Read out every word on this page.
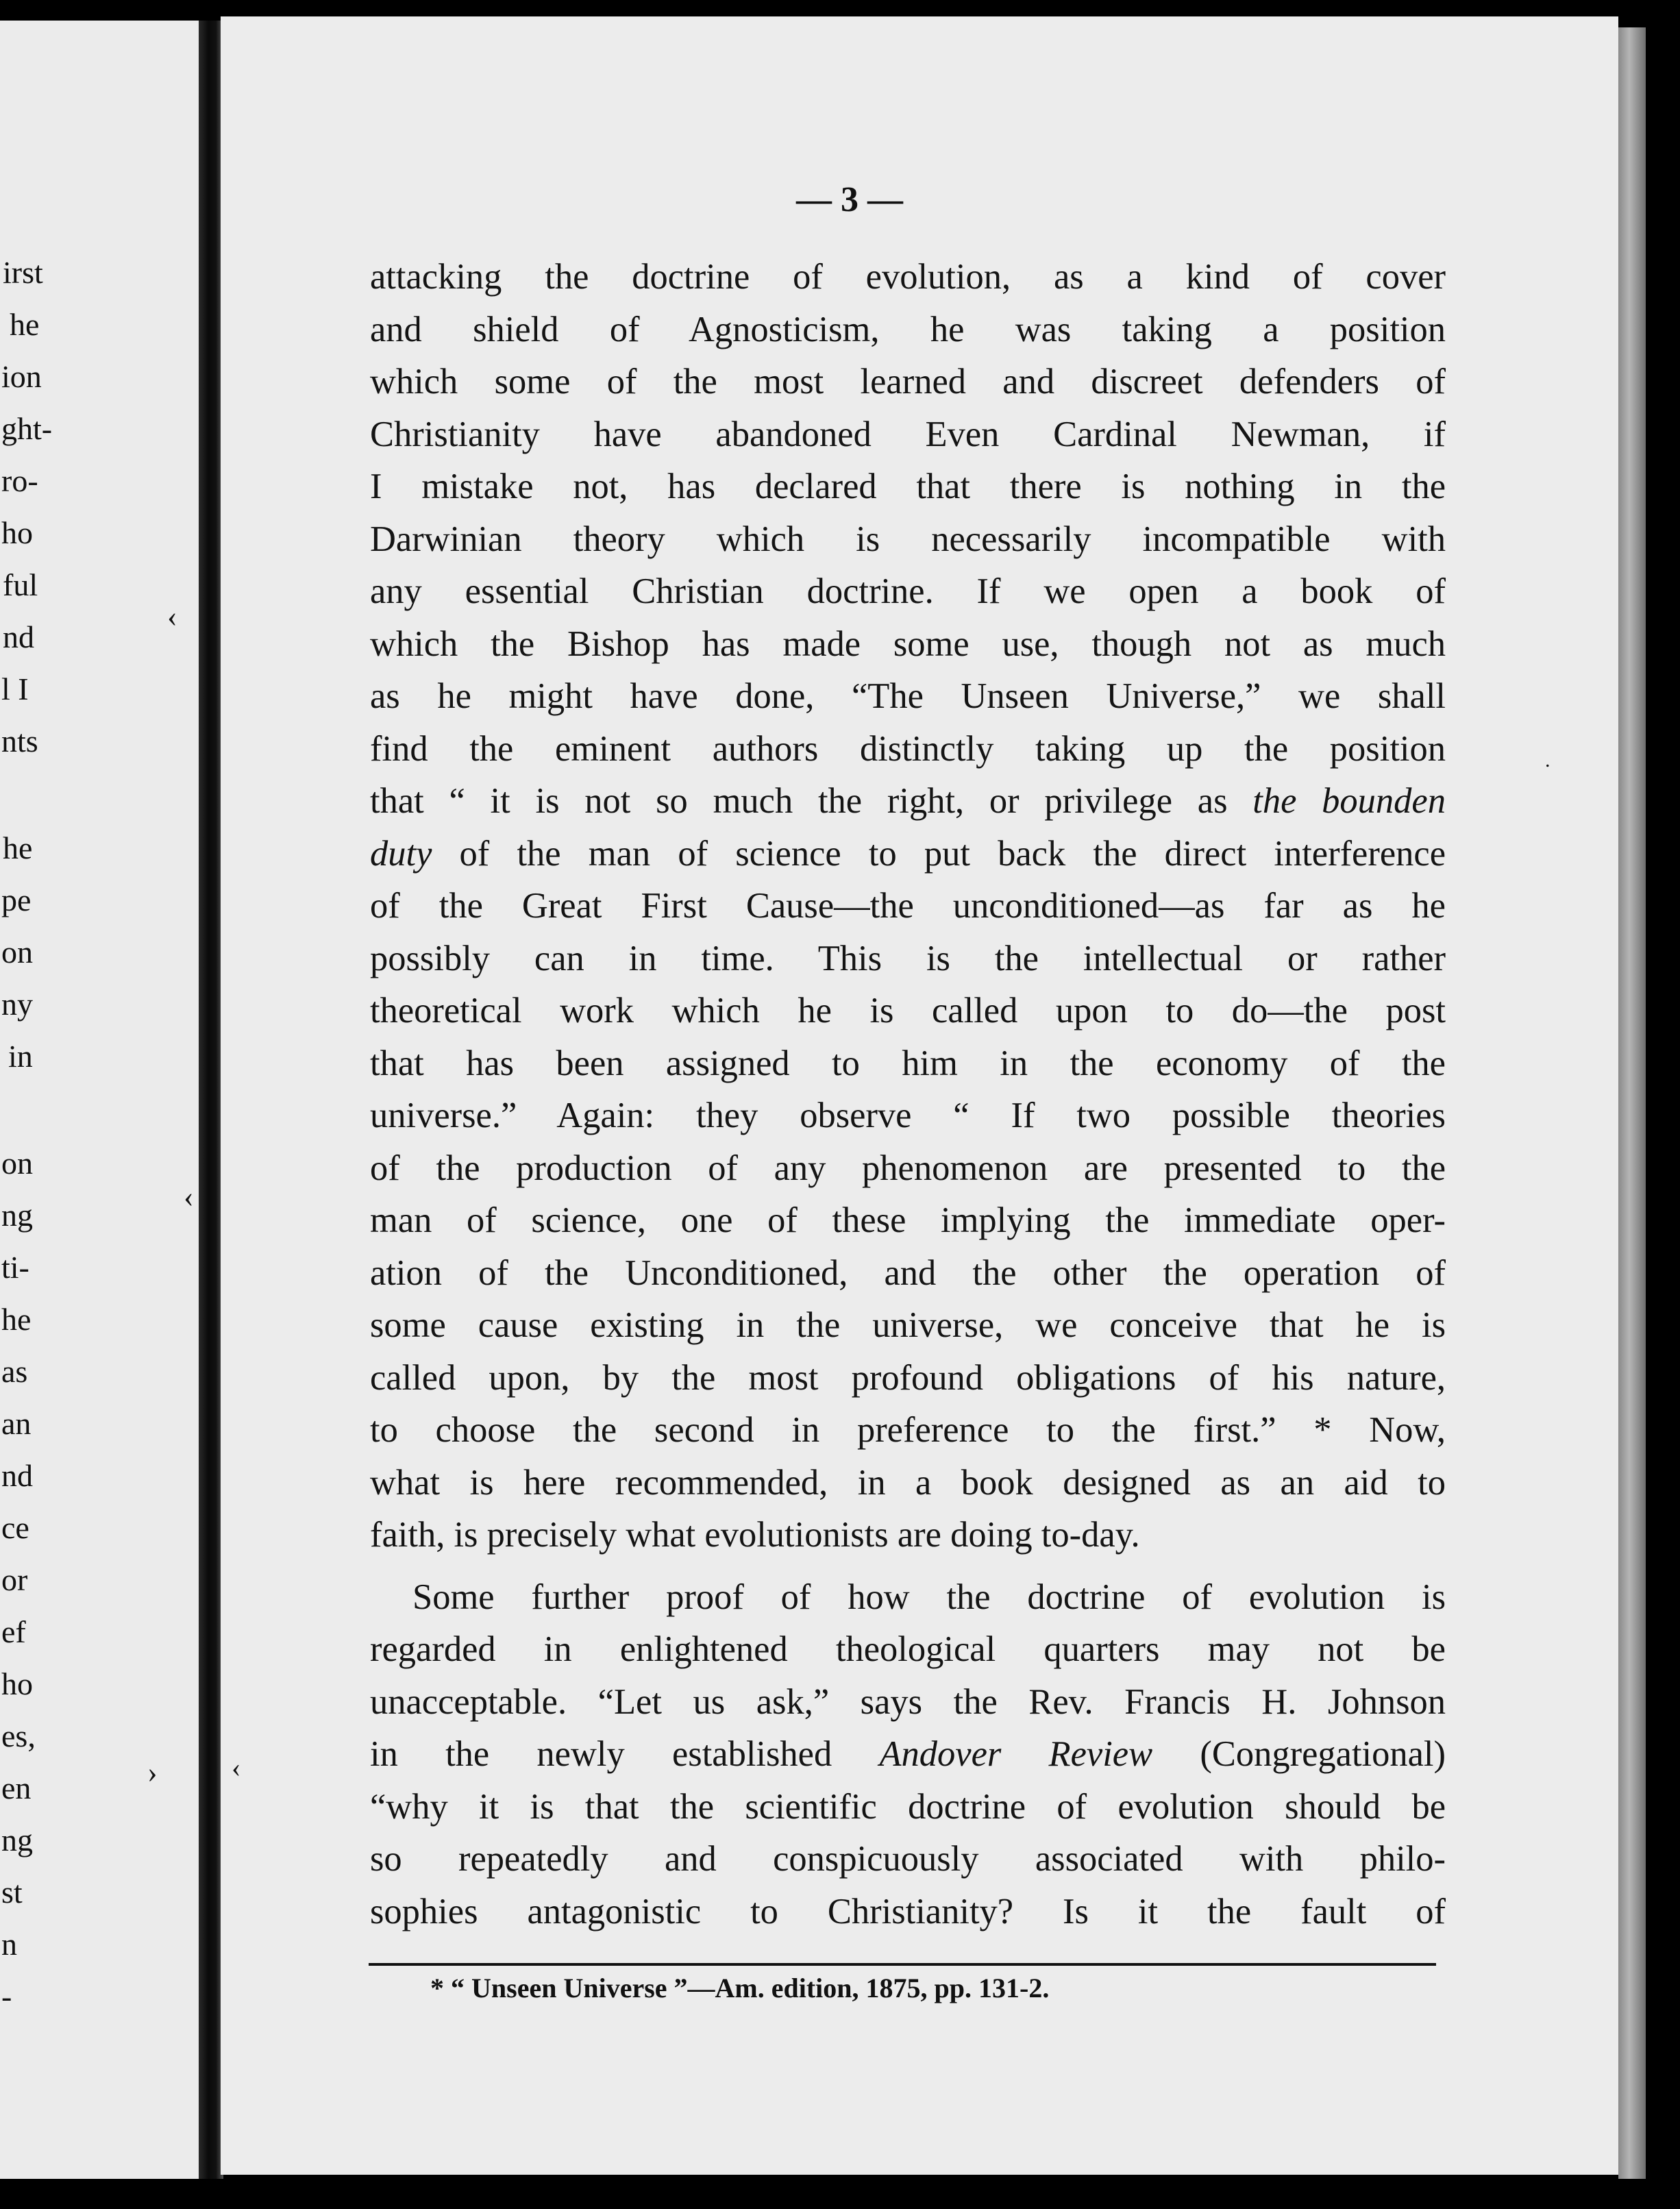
irst
he
ion
ght-
ro-
ho
ful
nd
l I
nts
he
pe
on
ny
in
on
ng
ti-
he
as
an
nd
ce
or
ef
ho
es,
en
ng
st
n
-
‹
‹
›	‹
.
— 3 —

attacking the doctrine of evolution, as a kind of cover
and shield of Agnosticism, he was taking a position
which some of the most learned and discreet defenders of
Christianity have abandoned Even Cardinal Newman, if
I mistake not, has declared that there is nothing in the
Darwinian theory which is necessarily incompatible with
any essential Christian doctrine. If we open a book of
which the Bishop has made some use, though not as much
as he might have done, “The Unseen Universe,” we shall
find the eminent authors distinctly taking up the position
that “ it is not so much the right, or privilege as the bounden
duty of the man of science to put back the direct interference
of the Great First Cause—the unconditioned—as far as he
possibly can in time. This is the intellectual or rather
theoretical work which he is called upon to do—the post
that has been assigned to him in the economy of the
universe.” Again: they observe “ If two possible theories
of the production of any phenomenon are presented to the
man of science, one of these implying the immediate oper-
ation of the Unconditioned, and the other the operation of
some cause existing in the universe, we conceive that he is
called upon, by the most profound obligations of his nature,
to choose the second in preference to the first.” * Now,
what is here recommended, in a book designed as an aid to
faith, is precisely what evolutionists are doing to-day.

Some further proof of how the doctrine of evolution is
regarded in enlightened theological quarters may not be
unacceptable. “Let us ask,” says the Rev. Francis H. Johnson
in the newly established Andover Review (Congregational)
“why it is that the scientific doctrine of evolution should be
so repeatedly and conspicuously associated with philo-
sophies antagonistic to Christianity? Is it the fault of

* “ Unseen Universe ”—Am. edition, 1875, pp. 131-2.
